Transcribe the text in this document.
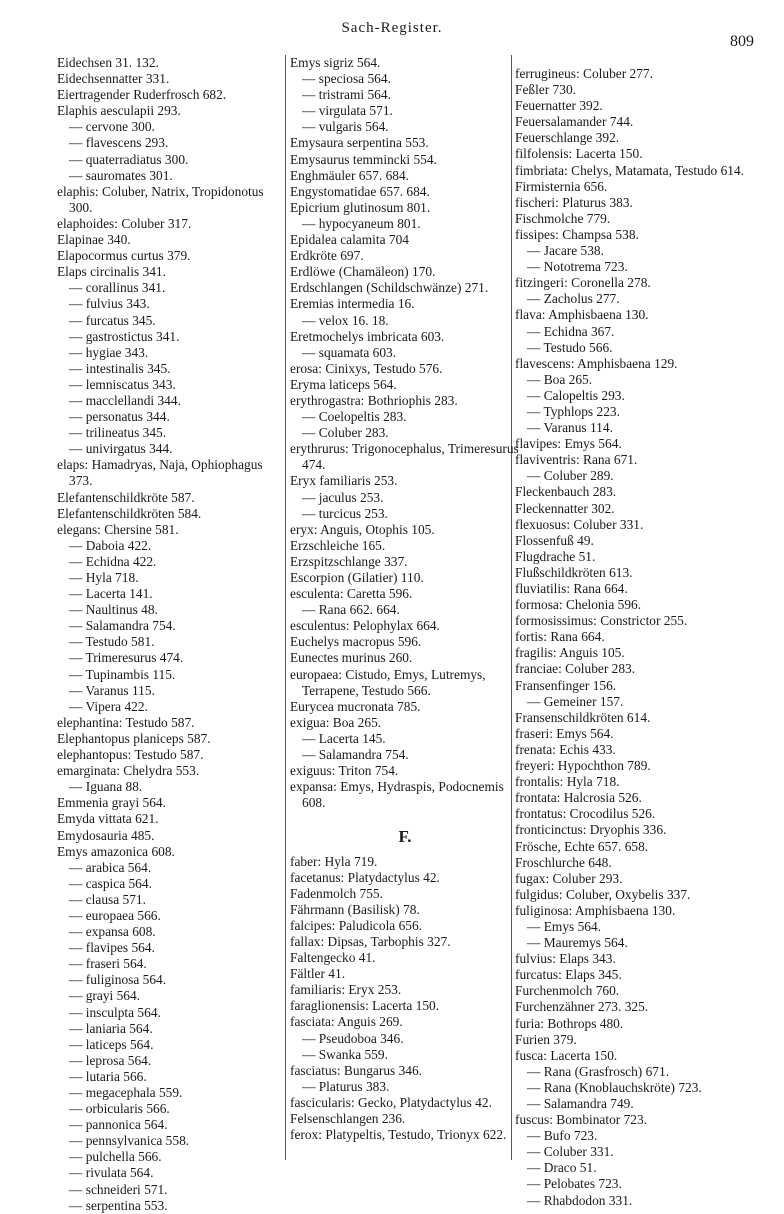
Sach-Register.
809
Eidechsen 31. 132.
Eidechsennatter 331.
Eiertragender Ruderfrosch 682.
Elaphis aesculapii 293.
— cervone 300.
— flavescens 293.
— quaterradiatus 300.
— sauromates 301.
elaphis: Coluber, Natrix, Tropidonotus 300.
elaphoides: Coluber 317.
Elapinae 340.
Elapocormus curtus 379.
Elaps circinalis 341.
— corallinus 341.
— fulvius 343.
— furcatus 345.
— gastrostictus 341.
— hygiae 343.
— intestinalis 345.
— lemniscatus 343.
— macclellandi 344.
— personatus 344.
— trilineatus 345.
— univirgatus 344.
elaps: Hamadryas, Naja, Ophiophagus 373.
Elefantenschildkröte 587.
Elefantenschildkröten 584.
elegans: Chersine 581.
— Daboia 422.
— Echidna 422.
— Hyla 718.
— Lacerta 141.
— Naultinus 48.
— Salamandra 754.
— Testudo 581.
— Trimeresurus 474.
— Tupinambis 115.
— Varanus 115.
— Vipera 422.
elephantina: Testudo 587.
Elephantopus planiceps 587.
elephantopus: Testudo 587.
emarginata: Chelydra 553.
— Iguana 88.
Emmenia grayi 564.
Emyda vittata 621.
Emydosauria 485.
Emys amazonica 608.
— arabica 564.
— caspica 564.
— clausa 571.
— europaea 566.
— expansa 608.
— flavipes 564.
— fraseri 564.
— fuliginosa 564.
— grayi 564.
— insculpta 564.
— laniaria 564.
— laticeps 564.
— leprosa 564.
— lutaria 566.
— megacephala 559.
— orbicularis 566.
— pannonica 564.
— pennsylvanica 558.
— pulchella 566.
— rivulata 564.
— schneideri 571.
— serpentina 553.
Emys sigriz 564.
— speciosa 564.
— tristrami 564.
— virgulata 571.
— vulgaris 564.
Emysaura serpentina 553.
Emysaurus temmincki 554.
Enghmäuler 657. 684.
Engystomatidae 657. 684.
Epicrium glutinosum 801.
— hypocyaneum 801.
Epidalea calamita 704
Erdkröte 697.
Erdlöwe (Chamäleon) 170.
Erdschlangen (Schildschwänze) 271.
Eremias intermedia 16.
— velox 16. 18.
Eretmochelys imbricata 603.
— squamata 603.
erosa: Cinixys, Testudo 576.
Eryma laticeps 564.
erythrogastra: Bothriophis 283.
— Coelopeltis 283.
— Coluber 283.
erythrurus: Trigonocephalus, Trimeresurus 474.
Eryx familiaris 253.
— jaculus 253.
— turcicus 253.
eryx: Anguis, Otophis 105.
Erzschleiche 165.
Erzspitzschlange 337.
Escorpion (Gilatier) 110.
esculenta: Caretta 596.
— Rana 662. 664.
esculentus: Pelophylax 664.
Euchelys macropus 596.
Eunectes murinus 260.
europaea: Cistudo, Emys, Lutremys, Terrapene, Testudo 566.
Eurycea mucronata 785.
exigua: Boa 265.
— Lacerta 145.
— Salamandra 754.
exiguus: Triton 754.
expansa: Emys, Hydraspis, Podocnemis 608.
F.
faber: Hyla 719.
facetanus: Platydactylus 42.
Fadenmolch 755.
Fährmann (Basilisk) 78.
falcipes: Paludicola 656.
fallax: Dipsas, Tarbophis 327.
Faltengecko 41.
Fältler 41.
familiaris: Eryx 253.
faraglionensis: Lacerta 150.
fasciata: Anguis 269.
— Pseudoboa 346.
— Swanka 559.
fasciatus: Bungarus 346.
— Platurus 383.
fascicularis: Gecko, Platydactylus 42.
Felsenschlangen 236.
ferox: Platypeltis, Testudo, Trionyx 622.
ferrugineus: Coluber 277.
Feßler 730.
Feuernatter 392.
Feuersalamander 744.
Feuerschlange 392.
filfolensis: Lacerta 150.
fimbriata: Chelys, Matamata, Testudo 614.
Firmisternia 656.
fischeri: Platurus 383.
Fischmolche 779.
fissipes: Champsa 538.
— Jacare 538.
— Nototrema 723.
fitzingeri: Coronella 278.
— Zacholus 277.
flava: Amphisbaena 130.
— Echidna 367.
— Testudo 566.
flavescens: Amphisbaena 129.
— Boa 265.
— Calopeltis 293.
— Typhlops 223.
— Varanus 114.
flavipes: Emys 564.
flaviventris: Rana 671.
— Coluber 289.
Fleckenbauch 283.
Fleckennatter 302.
flexuosus: Coluber 331.
Flossenfuß 49.
Flugdrache 51.
Flußschildkröten 613.
fluviatilis: Rana 664.
formosa: Chelonia 596.
formosissimus: Constrictor 255.
fortis: Rana 664.
fragilis: Anguis 105.
franciae: Coluber 283.
Fransenfinger 156.
— Gemeiner 157.
Fransenschildkröten 614.
fraseri: Emys 564.
frenata: Echis 433.
freyeri: Hypochthon 789.
frontalis: Hyla 718.
frontata: Halcrosia 526.
frontatus: Crocodilus 526.
fronticinctus: Dryophis 336.
Frösche, Echte 657. 658.
Froschlurche 648.
fugax: Coluber 293.
fulgidus: Coluber, Oxybelis 337.
fuliginosa: Amphisbaena 130.
— Emys 564.
— Mauremys 564.
fulvius: Elaps 343.
furcatus: Elaps 345.
Furchenmolch 760.
Furchenzähner 273. 325.
furia: Bothrops 480.
Furien 379.
fusca: Lacerta 150.
— Rana (Grasfrosch) 671.
— Rana (Knoblauchskröte) 723.
— Salamandra 749.
fuscus: Bombinator 723.
— Bufo 723.
— Coluber 331.
— Draco 51.
— Pelobates 723.
— Rhabdodon 331.
